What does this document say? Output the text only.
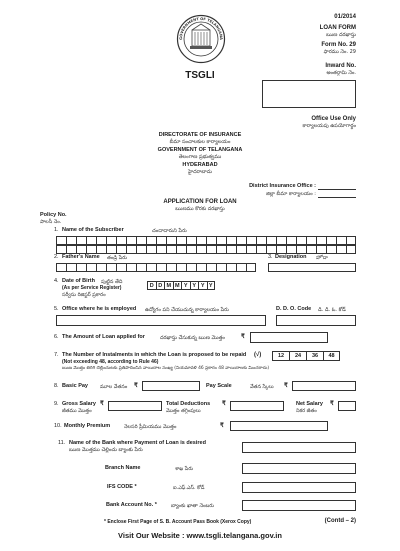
01/2014
LOAN FORM
ఋణ దరఖాస్తు
Form No. 29
ఫారము నెం. 29
Inward No.
అంతర్గామి నెం.
GOVERNMENT OF TELANGANA
TSGLI
Office Use Only
కార్యాలయపు ఉపయోగార్థం
DIRECTORATE OF INSURANCE
బీమా సంచాలకుల కార్యాలయం
GOVERNMENT OF TELANGANA
తెలంగాణ ప్రభుత్వము
HYDERABAD
హైదరాబాదు
District Insurance Office :
జిల్లా బీమా కార్యాలయం :
APPLICATION FOR LOAN
ఋణము కొరకు దరఖాస్తు
Policy No.
పాలసీ నెం.
1. Name of the Subscriber	చందాదారుని పేరు
2. Father's Name	తండ్రి పేరు	3. Designation	హోదా
4. Date of Birth	పుట్టిన తేది
(As per Service Register)
సర్వీసు రిజిస్టర్ ప్రకారం
D D M M Y Y Y Y
5. Office where he is employed	ఉద్యోగం పని చేయుచున్న కార్యాలయం పేరు	D. D. O. Code	డి. డి. ఓ. కోడ్
6. The Amount of Loan applied for	దరఖాస్తు చేసుకున్న ఋణ మొత్తం	₹
7. The Number of Instalments in which the Loan is proposed to be repaid	(√)
(Not exceeding 48, according to Rule 46)
ఋణ మొత్తం తిరిగి చెల్లించుటకు ప్రతిపాదించిన వాయిదాల సంఖ్య (నియమావళి 46 ప్రకారం 48 వాయిదాలకు మించరాదు)
12	24	36	48
8. Basic Pay	మూల వేతనం	₹	Pay Scale	వేతన స్కేలు	₹
9. Gross Salary
జీతము మొత్తం
₹	Total Deductions
మొత్తం తగ్గింపులు
₹	Net Salary
నికర జీతం
₹
10. Monthly Premium	నెలసరి ప్రీమియము మొత్తం	₹
11. Name of the Bank where Payment of Loan is desired
ఋణ మొత్తము చెల్లించు బ్యాంకు పేరు
Branch Name	శాఖ పేరు
IFS CODE *	ఐ.ఎఫ్.ఎస్. కోడ్
Bank Account No. *	బ్యాంకు ఖాతా నెంబరు
* Enclose First Page of S. B. Account Pass Book (Xerox Copy)	(Contd – 2)
Visit Our Website : www.tsgli.telangana.gov.in
